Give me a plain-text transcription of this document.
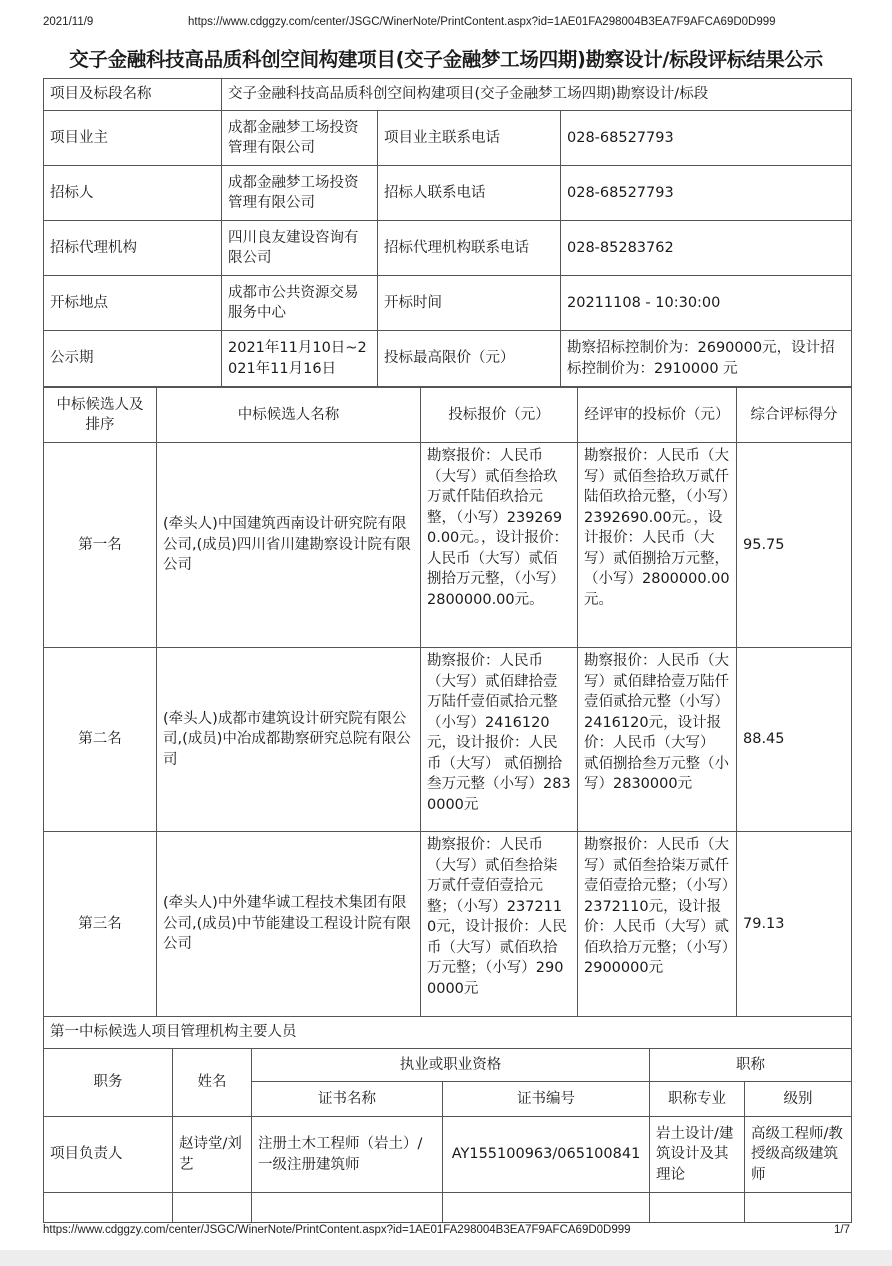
2021/11/9	https://www.cdggzy.com/center/JSGC/WinerNote/PrintContent.aspx?id=1AE01FA298004B3EA7F9AFCA69D0D999
交子金融科技高品质科创空间构建项目(交子金融梦工场四期)勘察设计/标段评标结果公示
项目及标段名称	交子金融科技高品质科创空间构建项目(交子金融梦工场四期)勘察设计/标段		
项目业主	成都金融梦工场投资管理有限公司	项目业主联系电话	028-68527793
招标人	成都金融梦工场投资管理有限公司	招标人联系电话	028-68527793
招标代理机构	四川良友建设咨询有限公司	招标代理机构联系电话	028-85283762
开标地点	成都市公共资源交易服务中心	开标时间	20211108 - 10:30:00
公示期	2021年11月10日~2021年11月16日	投标最高限价（元）	勘察招标控制价为：2690000元，设计招标控制价为：2910000 元
中标候选人及排序	中标候选人名称	投标报价（元）	经评审的投标价（元）	综合评标得分
第一名	(牵头人)中国建筑西南设计研究院有限公司,(成员)四川省川建勘察设计院有限公司	勘察报价：人民币（大写）贰佰叁拾玖万贰仟陆佰玖拾元整，（小写）2392690.00元。，设计报价：人民币（大写）贰佰捌拾万元整，（小写）2800000.00元。	勘察报价：人民币（大写）贰佰叁拾玖万贰仟陆佰玖拾元整，（小写）2392690.00元。，设计报价：人民币（大写）贰佰捌拾万元整，（小写）2800000.00元。	95.75
第二名	(牵头人)成都市建筑设计研究院有限公司,(成员)中冶成都勘察研究总院有限公司	勘察报价：人民币（大写）贰佰肆拾壹万陆仟壹佰贰拾元整（小写）2416120元，设计报价：人民币（大写） 贰佰捌拾叁万元整（小写）2830000元	勘察报价：人民币（大写）贰佰肆拾壹万陆仟壹佰贰拾元整（小写）2416120元，设计报价：人民币（大写） 贰佰捌拾叁万元整（小写）2830000元	88.45
第三名	(牵头人)中外建华诚工程技术集团有限公司,(成员)中节能建设工程设计院有限公司	勘察报价：人民币（大写）贰佰叁拾柒万贰仟壹佰壹拾元整；（小写）2372110元，设计报价：人民币（大写）贰佰玖拾万元整；（小写）2900000元	勘察报价：人民币（大写）贰佰叁拾柒万贰仟壹佰壹拾元整；（小写）2372110元，设计报价：人民币（大写）贰佰玖拾万元整；（小写）2900000元	79.13
第一中标候选人项目管理机构主要人员					
职务	姓名	执业或职业资格		职称	
		证书名称	证书编号	职称专业	级别
项目负责人	赵诗堂/刘艺	注册土木工程师（岩土）/一级注册建筑师	AY155100963/065100841	岩土设计/建筑设计及其理论	高级工程师/教授级高级建筑师

https://www.cdggzy.com/center/JSGC/WinerNote/PrintContent.aspx?id=1AE01FA298004B3EA7F9AFCA69D0D999	1/7
